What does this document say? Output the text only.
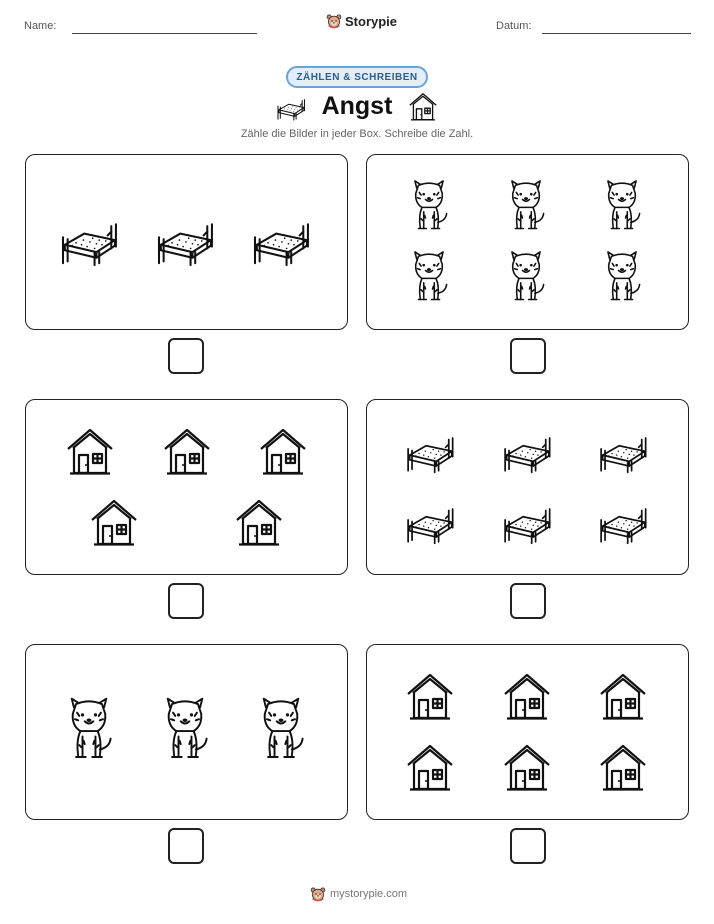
Name:	Storypie	Datum:
ZÄHLEN & SCHREIBEN
Angst
Zähle die Bilder in jeder Box. Schreibe die Zahl.
mystorypie.com
